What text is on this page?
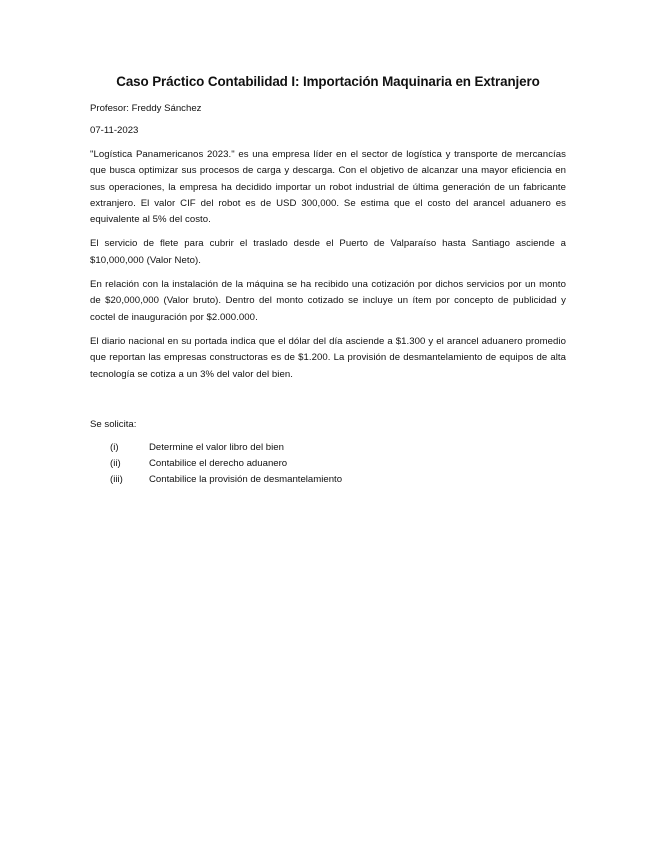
Caso Práctico Contabilidad I: Importación Maquinaria en Extranjero

Profesor: Freddy Sánchez

07-11-2023

"Logística Panamericanos 2023." es una empresa líder en el sector de logística y transporte de mercancías que busca optimizar sus procesos de carga y descarga. Con el objetivo de alcanzar una mayor eficiencia en sus operaciones, la empresa ha decidido importar un robot industrial de última generación de un fabricante extranjero. El valor CIF del robot es de USD 300,000. Se estima que el costo del arancel aduanero es equivalente al 5% del costo.

El servicio de flete para cubrir el traslado desde el Puerto de Valparaíso hasta Santiago asciende a $10,000,000 (Valor Neto).

En relación con la instalación de la máquina se ha recibido una cotización por dichos servicios por un monto de $20,000,000 (Valor bruto). Dentro del monto cotizado se incluye un ítem por concepto de publicidad y coctel de inauguración por $2.000.000.

El diario nacional en su portada indica que el dólar del día asciende a $1.300 y el arancel aduanero promedio que reportan las empresas constructoras es de $1.200. La provisión de desmantelamiento de equipos de alta tecnología se cotiza a un 3% del valor del bien.

Se solicita:

(i)	Determine el valor libro del bien
(ii)	Contabilice el derecho aduanero
(iii)	Contabilice la provisión de desmantelamiento
